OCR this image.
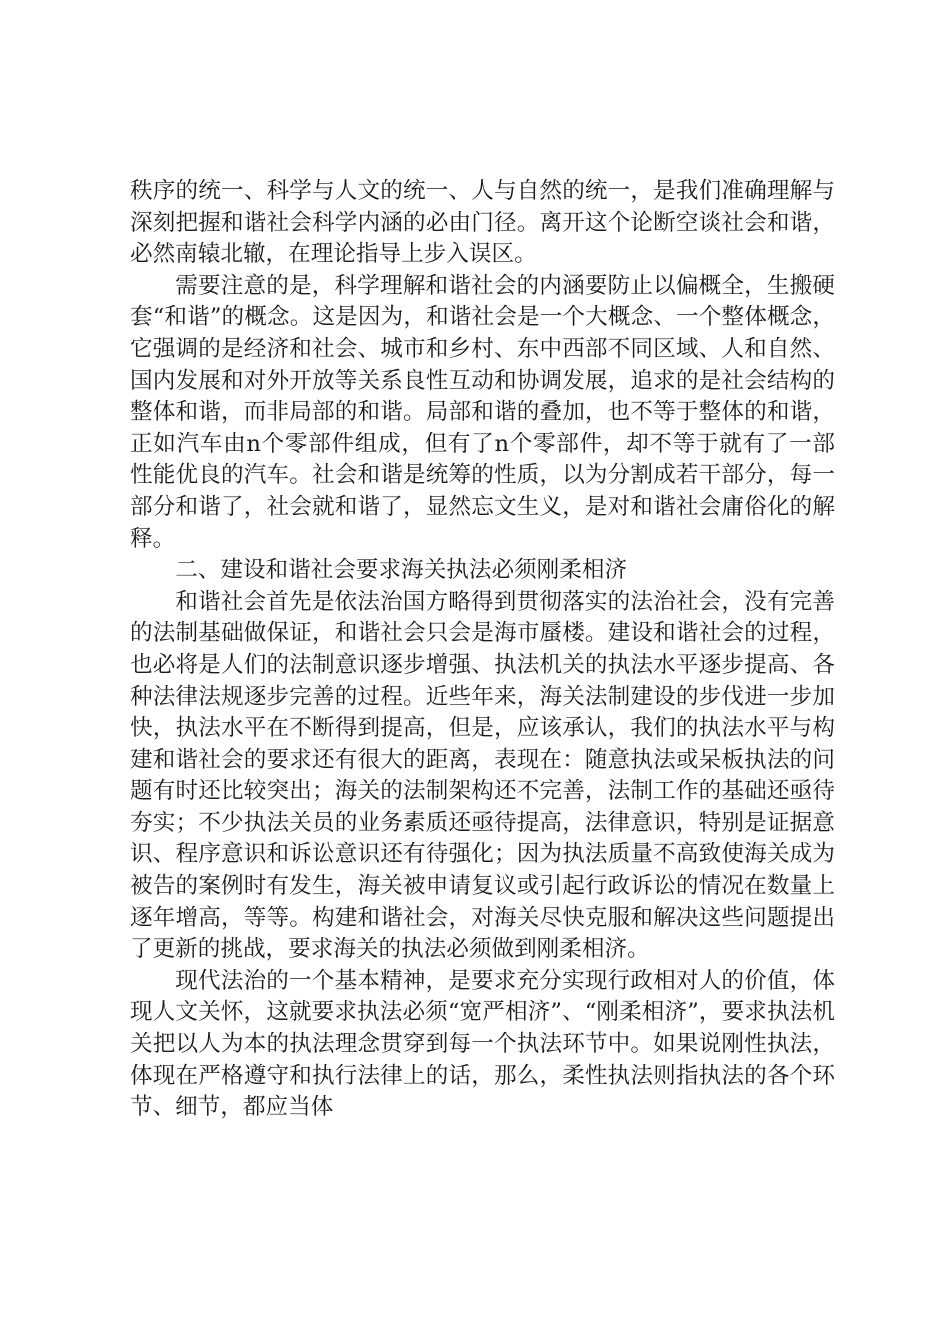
秩序的统一、科学与人文的统一、人与自然的统一，是我们准确理解与深刻把握和谐社会科学内涵的必由门径。离开这个论断空谈社会和谐，必然南辕北辙，在理论指导上步入误区。

需要注意的是，科学理解和谐社会的内涵要防止以偏概全，生搬硬套“和谐”的概念。这是因为，和谐社会是一个大概念、一个整体概念，它强调的是经济和社会、城市和乡村、东中西部不同区域、人和自然、国内发展和对外开放等关系良性互动和协调发展，追求的是社会结构的整体和谐，而非局部的和谐。局部和谐的叠加，也不等于整体的和谐，正如汽车由n个零部件组成，但有了n个零部件，却不等于就有了一部性能优良的汽车。社会和谐是统筹的性质，以为分割成若干部分，每一部分和谐了，社会就和谐了，显然忘文生义，是对和谐社会庸俗化的解释。

二、建设和谐社会要求海关执法必须刚柔相济

和谐社会首先是依法治国方略得到贯彻落实的法治社会，没有完善的法制基础做保证，和谐社会只会是海市蜃楼。建设和谐社会的过程，也必将是人们的法制意识逐步增强、执法机关的执法水平逐步提高、各种法律法规逐步完善的过程。近些年来，海关法制建设的步伐进一步加快，执法水平在不断得到提高，但是，应该承认，我们的执法水平与构建和谐社会的要求还有很大的距离，表现在：随意执法或呆板执法的问题有时还比较突出；海关的法制架构还不完善，法制工作的基础还亟待夯实；不少执法关员的业务素质还亟待提高，法律意识，特别是证据意识、程序意识和诉讼意识还有待强化；因为执法质量不高致使海关成为被告的案例时有发生，海关被申请复议或引起行政诉讼的情况在数量上逐年增高，等等。构建和谐社会，对海关尽快克服和解决这些问题提出了更新的挑战，要求海关的执法必须做到刚柔相济。

现代法治的一个基本精神，是要求充分实现行政相对人的价值，体现人文关怀，这就要求执法必须“宽严相济”、“刚柔相济”，要求执法机关把以人为本的执法理念贯穿到每一个执法环节中。如果说刚性执法，体现在严格遵守和执行法律上的话，那么，柔性执法则指执法的各个环节、细节，都应当体
